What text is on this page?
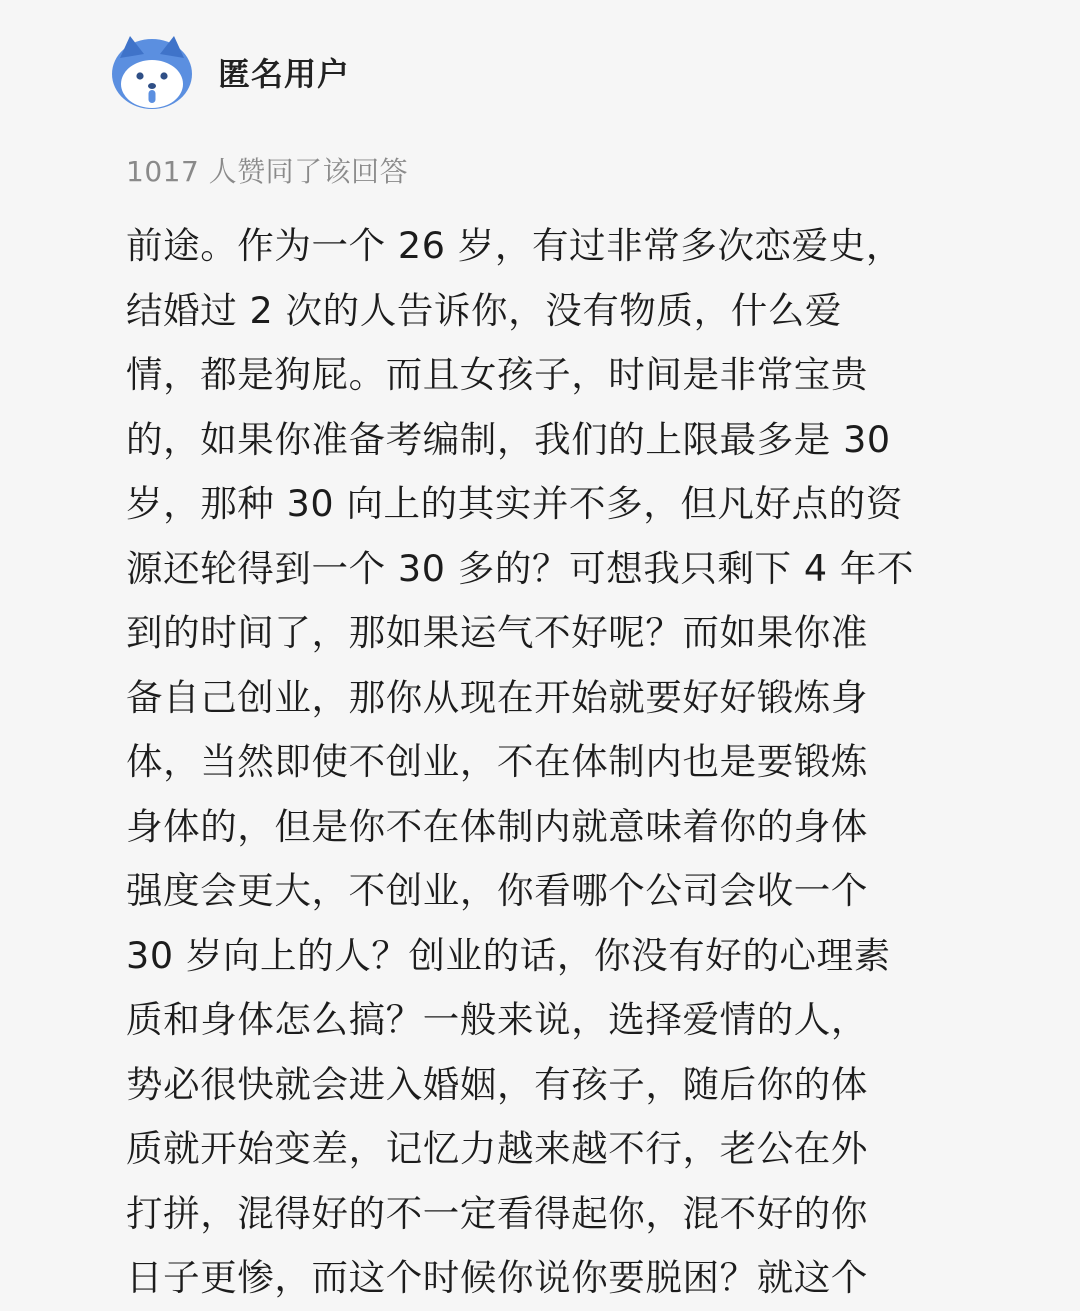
匿名用户
1017 人赞同了该回答
前途。作为一个 26 岁，有过非常多次恋爱史，
结婚过 2 次的人告诉你，没有物质，什么爱
情，都是狗屁。而且女孩子，时间是非常宝贵
的，如果你准备考编制，我们的上限最多是 30
岁，那种 30 向上的其实并不多，但凡好点的资
源还轮得到一个 30 多的？可想我只剩下 4 年不
到的时间了，那如果运气不好呢？而如果你准
备自己创业，那你从现在开始就要好好锻炼身
体，当然即使不创业，不在体制内也是要锻炼
身体的，但是你不在体制内就意味着你的身体
强度会更大，不创业，你看哪个公司会收一个
30 岁向上的人？创业的话，你没有好的心理素
质和身体怎么搞？一般来说，选择爱情的人，
势必很快就会进入婚姻，有孩子，随后你的体
质就开始变差，记忆力越来越不行，老公在外
打拼，混得好的不一定看得起你，混不好的你
日子更惨，而这个时候你说你要脱困？就这个
